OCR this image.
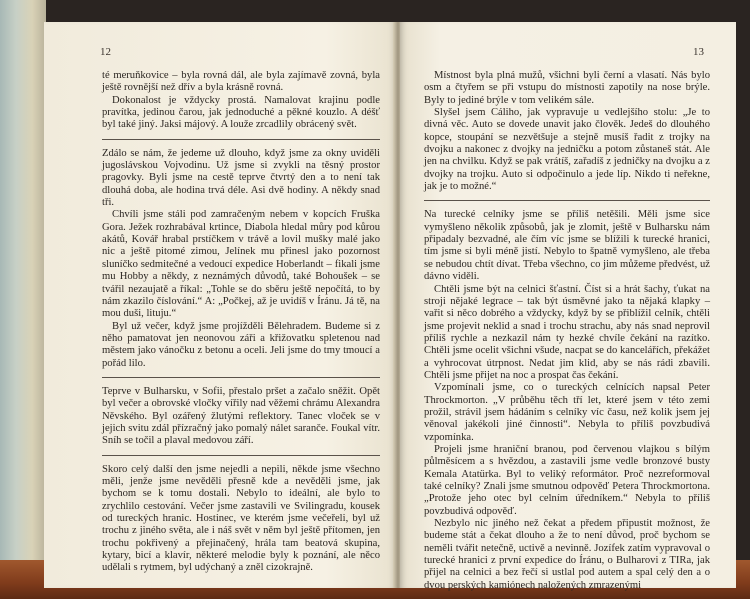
12

té meruňkovice – byla rovná dál, ale byla zajímavě zovná, byla ještě rovnější než dřív a byla krásně rovná.

Dokonalost je vždycky prostá. Namalovat krajinu podle pravítka, jedinou čarou, jak jednoduché a pěkné kouzlo. A déšť byl také jiný. Jaksi májový. A louže zrcadlily obrácený svět.

Zdálo se nám, že jedeme už dlouho, když jsme za okny uviděli jugoslávskou Vojvodinu. Už jsme si zvykli na těsný prostor pragovky. Byli jsme na cestě teprve čtvrtý den a to není tak dlouhá doba, ale hodina trvá déle. Asi dvě hodiny. A někdy snad tři.

Chvíli jsme stáli pod zamračeným nebem v kopcích Fruška Gora. Ježek rozhrabával krtince, Diabola hledal můry pod kůrou akátů, Kovář hrabal prstíčkem v trávě a lovil mušky malé jako nic a ještě pitomé zimou, Jelínek mu přinesl jako pozornost sluníčko sedmitečné a vedoucí expedice Hoberlandt – fikali jsme mu Hobby a někdy, z neznámých důvodů, také Bohoušek – se tvářil nezaujatě a říkal: „Tohle se do sběru ještě nepočítá, to by nám zkazilo číslování.“ A: „Počkej, až je uvidíš v Íránu. Já tě, na mou duši, lituju.“

Byl už večer, když jsme projížděli Bělehradem. Budeme si z něho pamatovat jen neonovou záři a křižovatku spletenou nad městem jako vánočku z betonu a oceli. Jeli jsme do tmy tmoucí a pořád lilo.

Teprve v Bulharsku, v Sofii, přestalo pršet a začalo sněžit. Opět byl večer a obrovské vločky vířily nad věžemi chrámu Alexandra Něvského. Byl ozářený žlutými reflektory. Tanec vloček se v jejich svitu zdál přízračný jako pomalý nálet saranče. Foukal vítr. Sníh se točil a plaval medovou září.

Skoro celý další den jsme nejedli a nepili, někde jsme všechno měli, jenže jsme nevěděli přesně kde a nevěděli jsme, jak bychom se k tomu dostali. Nebylo to ideální, ale bylo to zrychlilo cestování. Večer jsme zastavili ve Svilingradu, kousek od tureckých hranic. Hostinec, ve kterém jsme večeřeli, byl už trochu z jiného světa, ale i náš svět v něm byl ještě přítomen, jen trochu pokřivený a přejinačený, hrála tam beatová skupina, kytary, bicí a klavír, některé melodie byly k poznání, ale něco udělali s rytmem, byl udýchaný a zněl cizokrajně.

13

Místnost byla plná mužů, všichni byli černí a vlasatí. Nás bylo osm a čtyřem se při vstupu do místnosti zapotily na nose brýle. Byly to jediné brýle v tom velikém sále.

Slyšel jsem Cáliho, jak vypravuje u vedlejšího stolu: „Je to divná věc. Auto se dovede unavit jako člověk. Jedeš do dlouhého kopce, stoupání se nezvětšuje a stejně musíš řadit z trojky na dvojku a nakonec z dvojky na jedničku a potom zůstaneš stát. Ale jen na chvilku. Když se pak vrátíš, zařadíš z jedničky na dvojku a z dvojky na trojku. Auto si odpočinulo a jede líp. Nikdo ti neřekne, jak je to možné.“

Na turecké celníky jsme se příliš netěšili. Měli jsme sice vymyšleno několik způsobů, jak je zlomit, ještě v Bulharsku nám připadaly bezvadné, ale čím víc jsme se blížili k turecké hranici, tím jsme si byli méně jistí. Nebylo to špatně vymyšleno, ale třeba se nebudou chtít dívat. Třeba všechno, co jim můžeme předvést, už dávno viděli.

Chtěli jsme být na celnici šťastní. Číst si a hrát šachy, ťukat na stroji nějaké legrace – tak být úsměvné jako ta nějaká klapky – vařit si něco dobrého a vždycky, když by se přiblížil celník, chtěli jsme projevit neklid a snad i trochu strachu, aby nás snad neprovil příliš rychle a nezkazil nám ty hezké chvíle čekání na razítko. Chtěli jsme ocelit všichni všude, nacpat se do kancelářích, překážet a vyhrocovat útrpnost. Nedat jim klid, aby se nás rádi zbavili. Chtěli jsme přijet na noc a prospat čas čekání.

Vzpomínali jsme, co o tureckých celnících napsal Peter Throckmorton. „V průběhu těch tří let, které jsem v této zemi prožil, strávil jsem hádáním s celníky víc času, než kolik jsem jej věnoval jakékoli jiné činnosti“. Nebyla to příliš povzbudivá vzpomínka.

Projeli jsme hraniční branou, pod červenou vlajkou s bílým půlměsícem a s hvězdou, a zastavili jsme vedle bronzové busty Kemala Atatürka. Byl to veliký reformátor. Proč nezreformoval také celníky? Znali jsme smutnou odpověď Petera Throckmortona. „Protože jeho otec byl celním úředníkem.“ Nebyla to příliš povzbudivá odpověď.

Nezbylo nic jiného než čekat a předem připustit možnost, že budeme stát a čekat dlouho a že to není důvod, proč bychom se neměli tvářit netečně, uctivě a nevinně. Jozífek zatím vypravoval o turecké hranici z první expedice do Íránu, o Bulharovi z TIRa, jak přijel na celnici a bez řečí si ustlal pod autem a spal celý den a o dvou perských kamiónech naložených zmrazenými
